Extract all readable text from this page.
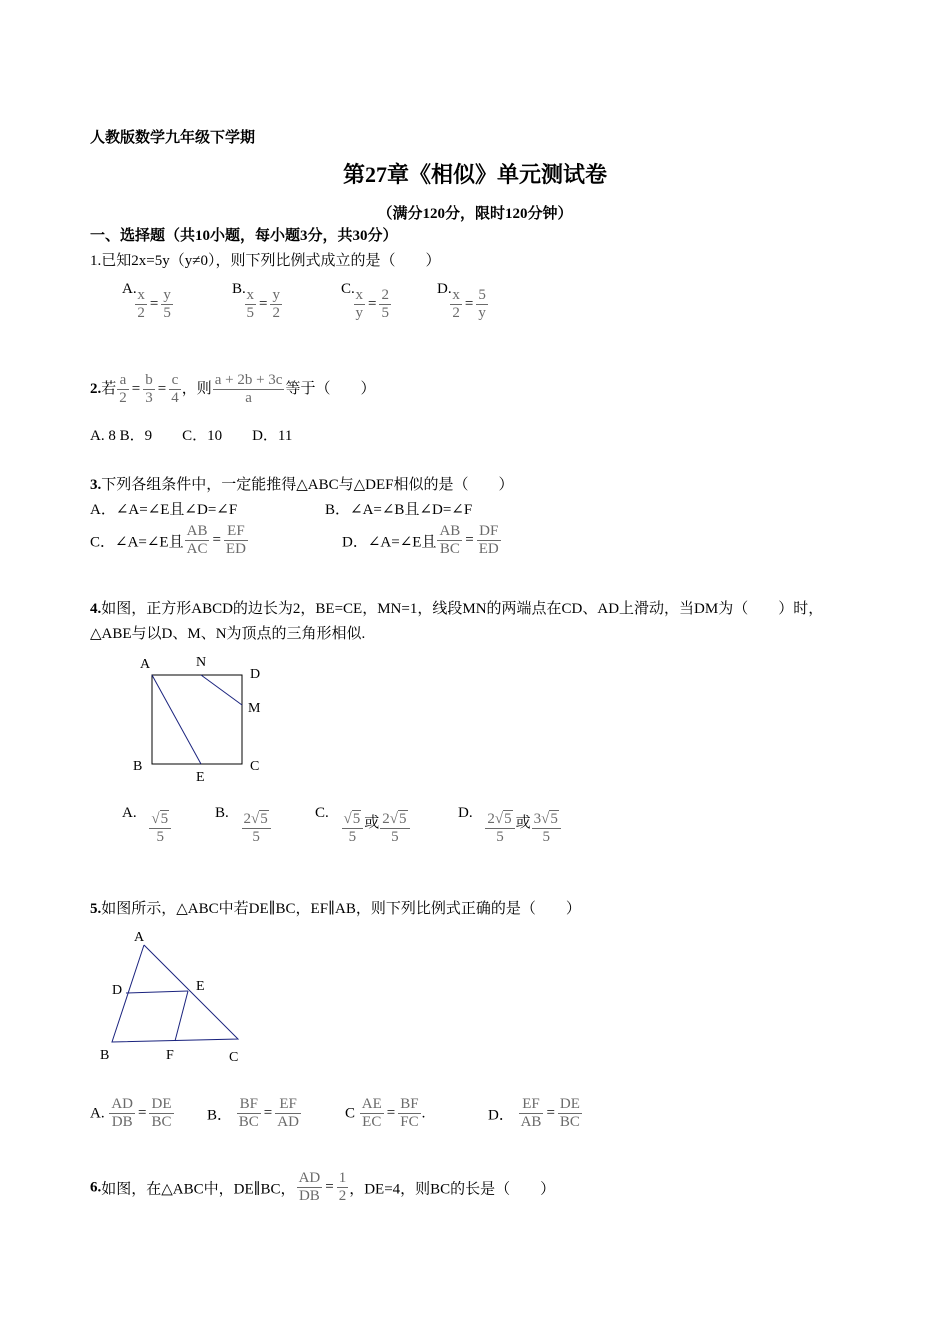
人教版数学九年级下学期
第27章《相似》单元测试卷
（满分120分，限时120分钟）
一、选择题（共10小题，每小题3分，共30分）
1.已知2x=5y（y≠0），则下列比例式成立的是（　　）
A.
$\frac{x}{2} = \frac{y}{5}$	B.
$\frac{x}{5} = \frac{y}{2}$	C.
$\frac{x}{y} = \frac{2}{5}$	D.
$\frac{x}{2} = \frac{5}{y}$
2.若 $\frac{a}{2} = \frac{b}{3} = \frac{c}{4}$ ，则 $\frac{a + 2b + 3c}{a}$ 等于（　　）
A. 8 B．9　　C．10　　D．11
3.下列各组条件中，一定能推得△ABC与△DEF相似的是（　　）
A．∠A=∠E且∠D=∠F	B．∠A=∠B且∠D=∠F
C．∠A=∠E且 $\frac{AB}{AC} = \frac{EF}{ED}$	D．∠A=∠E且 $\frac{AB}{BC} = \frac{DF}{ED}$
4.如图，正方形ABCD的边长为2，BE=CE，MN=1，线段MN的两端点在CD、AD上滑动，当DM为（　　）时，
△ABE与以D、M、N为顶点的三角形相似.
A	N
D
M
B
E
C
A. $\frac{√5}{5}$	B. $\frac{2√5}{5}$	C. $\frac{√5}{5}$ 或 $\frac{2√5}{5}$	D. $\frac{2√5}{5}$ 或 $\frac{3√5}{5}$
5.如图所示，△ABC中若DE∥BC，EF∥AB，则下列比例式正确的是（　　）
A
D	E
B	F	C
A. $\frac{AD}{DB} = \frac{DE}{BC}$ B． $\frac{BF}{BC} = \frac{EF}{AD}$	C $\frac{AE}{EC} = \frac{BF}{FC}$ .	D． $\frac{EF}{AB} = \frac{DE}{BC}$
6.如图，在△ABC中，DE∥BC， $\frac{AD}{DB} = \frac{1}{2}$ ，DE=4，则BC的长是（　　）
